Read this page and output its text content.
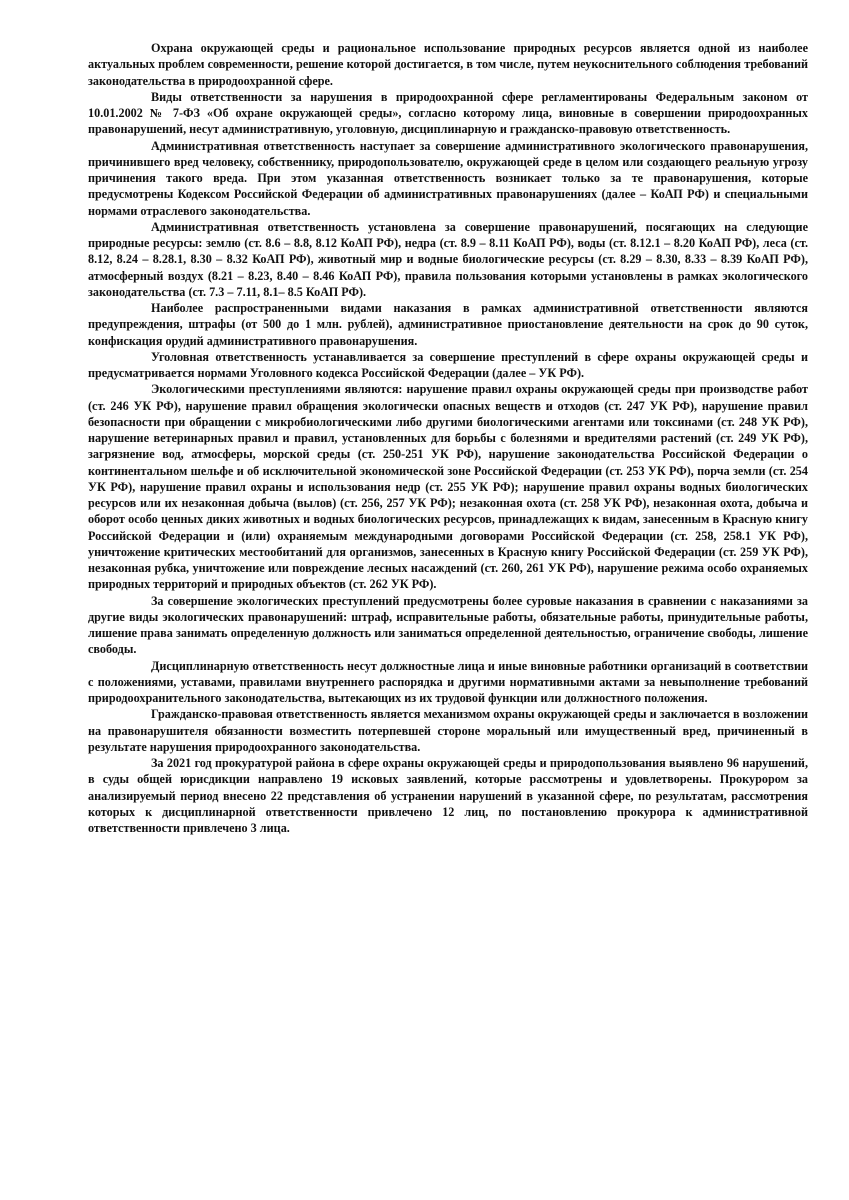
Охрана окружающей среды и рациональное использование природных ресурсов является одной из наиболее актуальных проблем современности, решение которой достигается, в том числе, путем неукоснительного соблюдения требований законодательства в природоохранной сфере.

Виды ответственности за нарушения в природоохранной сфере регламентированы Федеральным законом от 10.01.2002 № 7-ФЗ «Об охране окружающей среды», согласно которому лица, виновные в совершении природоохранных правонарушений, несут административную, уголовную, дисциплинарную и гражданско-правовую ответственность.

Административная ответственность наступает за совершение административного экологического правонарушения, причинившего вред человеку, собственнику, природопользователю, окружающей среде в целом или создающего реальную угрозу причинения такого вреда. При этом указанная ответственность возникает только за те правонарушения, которые предусмотрены Кодексом Российской Федерации об административных правонарушениях (далее – КоАП РФ) и специальными нормами отраслевого законодательства.

Административная ответственность установлена за совершение правонарушений, посягающих на следующие природные ресурсы: землю (ст. 8.6 – 8.8, 8.12 КоАП РФ), недра (ст. 8.9 – 8.11 КоАП РФ), воды (ст. 8.12.1 – 8.20 КоАП РФ), леса (ст. 8.12, 8.24 – 8.28.1, 8.30 – 8.32 КоАП РФ), животный мир и водные биологические ресурсы (ст. 8.29 – 8.30, 8.33 – 8.39 КоАП РФ), атмосферный воздух (8.21 – 8.23, 8.40 – 8.46 КоАП РФ), правила пользования которыми установлены в рамках экологического законодательства (ст. 7.3 – 7.11, 8.1– 8.5 КоАП РФ).

Наиболее распространенными видами наказания в рамках административной ответственности являются предупреждения, штрафы (от 500 до 1 млн. рублей), административное приостановление деятельности на срок до 90 суток, конфискация орудий административного правонарушения.

Уголовная ответственность устанавливается за совершение преступлений в сфере охраны окружающей среды и предусматривается нормами Уголовного кодекса Российской Федерации (далее – УК РФ).

Экологическими преступлениями являются: нарушение правил охраны окружающей среды при производстве работ (ст. 246 УК РФ), нарушение правил обращения экологически опасных веществ и отходов (ст. 247 УК РФ), нарушение правил безопасности при обращении с микробиологическими либо другими биологическими агентами или токсинами (ст. 248 УК РФ), нарушение ветеринарных правил и правил, установленных для борьбы с болезнями и вредителями растений (ст. 249 УК РФ), загрязнение вод, атмосферы, морской среды (ст. 250-251 УК РФ), нарушение законодательства Российской Федерации о континентальном шельфе и об исключительной экономической зоне Российской Федерации (ст. 253 УК РФ), порча земли (ст. 254 УК РФ), нарушение правил охраны и использования недр (ст. 255 УК РФ); нарушение правил охраны водных биологических ресурсов или их незаконная добыча (вылов) (ст. 256, 257 УК РФ); незаконная охота (ст. 258 УК РФ), незаконная охота, добыча и оборот особо ценных диких животных и водных биологических ресурсов, принадлежащих к видам, занесенным в Красную книгу Российской Федерации и (или) охраняемым международными договорами Российской Федерации (ст. 258, 258.1 УК РФ), уничтожение критических местообитаний для организмов, занесенных в Красную книгу Российской Федерации (ст. 259 УК РФ), незаконная рубка, уничтожение или повреждение лесных насаждений (ст. 260, 261 УК РФ), нарушение режима особо охраняемых природных территорий и природных объектов (ст. 262 УК РФ).

За совершение экологических преступлений предусмотрены более суровые наказания в сравнении с наказаниями за другие виды экологических правонарушений: штраф, исправительные работы, обязательные работы, принудительные работы, лишение права занимать определенную должность или заниматься определенной деятельностью, ограничение свободы, лишение свободы.

Дисциплинарную ответственность несут должностные лица и иные виновные работники организаций в соответствии с положениями, уставами, правилами внутреннего распорядка и другими нормативными актами за невыполнение требований природоохранительного законодательства, вытекающих из их трудовой функции или должностного положения.

Гражданско-правовая ответственность является механизмом охраны окружающей среды и заключается в возложении на правонарушителя обязанности возместить потерпевшей стороне моральный или имущественный вред, причиненный в результате нарушения природоохранного законодательства.

За 2021 год прокуратурой района в сфере охраны окружающей среды и природопользования выявлено 96 нарушений, в суды общей юрисдикции направлено 19 исковых заявлений, которые рассмотрены и удовлетворены. Прокурором за анализируемый период внесено 22 представления об устранении нарушений в указанной сфере, по результатам, рассмотрения которых к дисциплинарной ответственности привлечено 12 лиц, по постановлению прокурора к административной ответственности привлечено 3 лица.
